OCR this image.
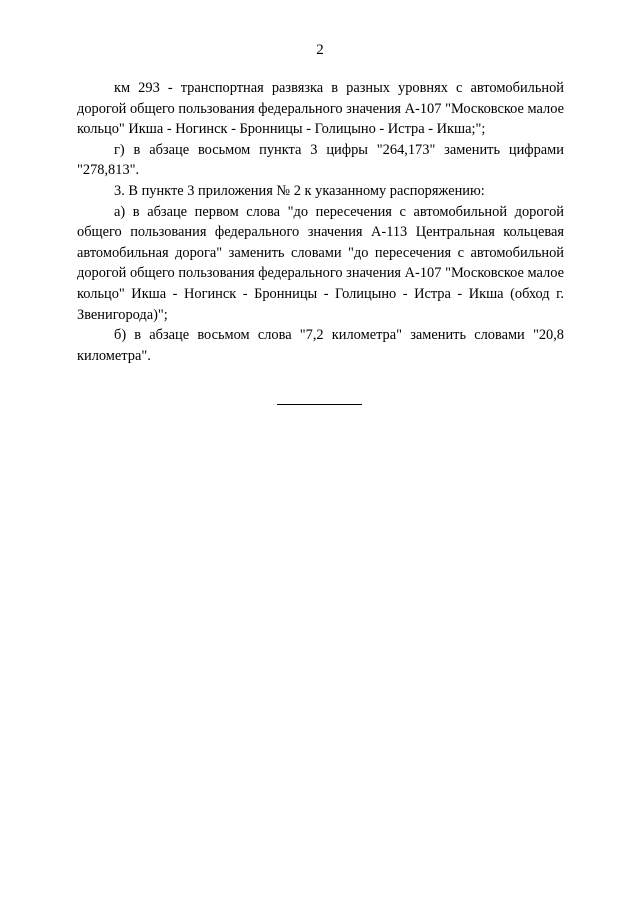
2

км 293 - транспортная развязка в разных уровнях с автомобильной дорогой общего пользования федерального значения А-107 "Московское малое кольцо" Икша - Ногинск - Бронницы - Голицыно - Истра - Икша;";

г) в абзаце восьмом пункта 3 цифры "264,173" заменить цифрами "278,813".

3. В пункте 3 приложения № 2 к указанному распоряжению:

а) в абзаце первом слова "до пересечения с автомобильной дорогой общего пользования федерального значения А-113 Центральная кольцевая автомобильная дорога" заменить словами "до пересечения с автомобильной дорогой общего пользования федерального значения А-107 "Московское малое кольцо" Икша - Ногинск - Бронницы - Голицыно - Истра - Икша (обход г. Звенигорода)";

б) в абзаце восьмом слова "7,2 километра" заменить словами "20,8 километра".
